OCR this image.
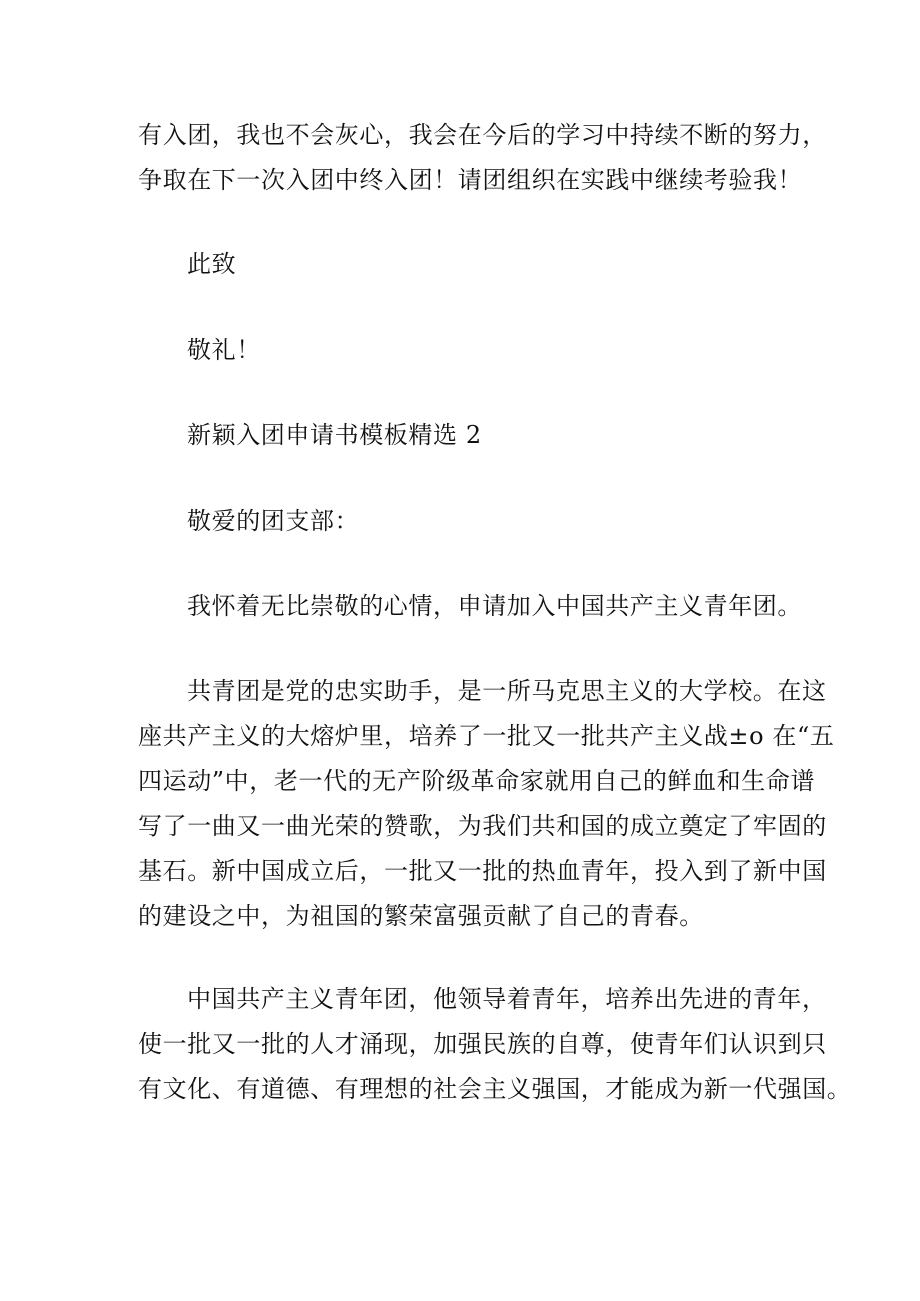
有入团，我也不会灰心，我会在今后的学习中持续不断的努力，
争取在下一次入团中终入团！请团组织在实践中继续考验我！
此致
敬礼！
新颖入团申请书模板精选 2
敬爱的团支部：
我怀着无比崇敬的心情，申请加入中国共产主义青年团。
共青团是党的忠实助手，是一所马克思主义的大学校。在这
座共产主义的大熔炉里，培养了一批又一批共产主义战±o 在“五
四运动”中，老一代的无产阶级革命家就用自己的鲜血和生命谱
写了一曲又一曲光荣的赞歌，为我们共和国的成立奠定了牢固的
基石。新中国成立后，一批又一批的热血青年，投入到了新中国
的建设之中，为祖国的繁荣富强贡献了自己的青春。
中国共产主义青年团，他领导着青年，培养出先进的青年，
使一批又一批的人才涌现，加强民族的自尊，使青年们认识到只
有文化、有道德、有理想的社会主义强国，才能成为新一代强国。
